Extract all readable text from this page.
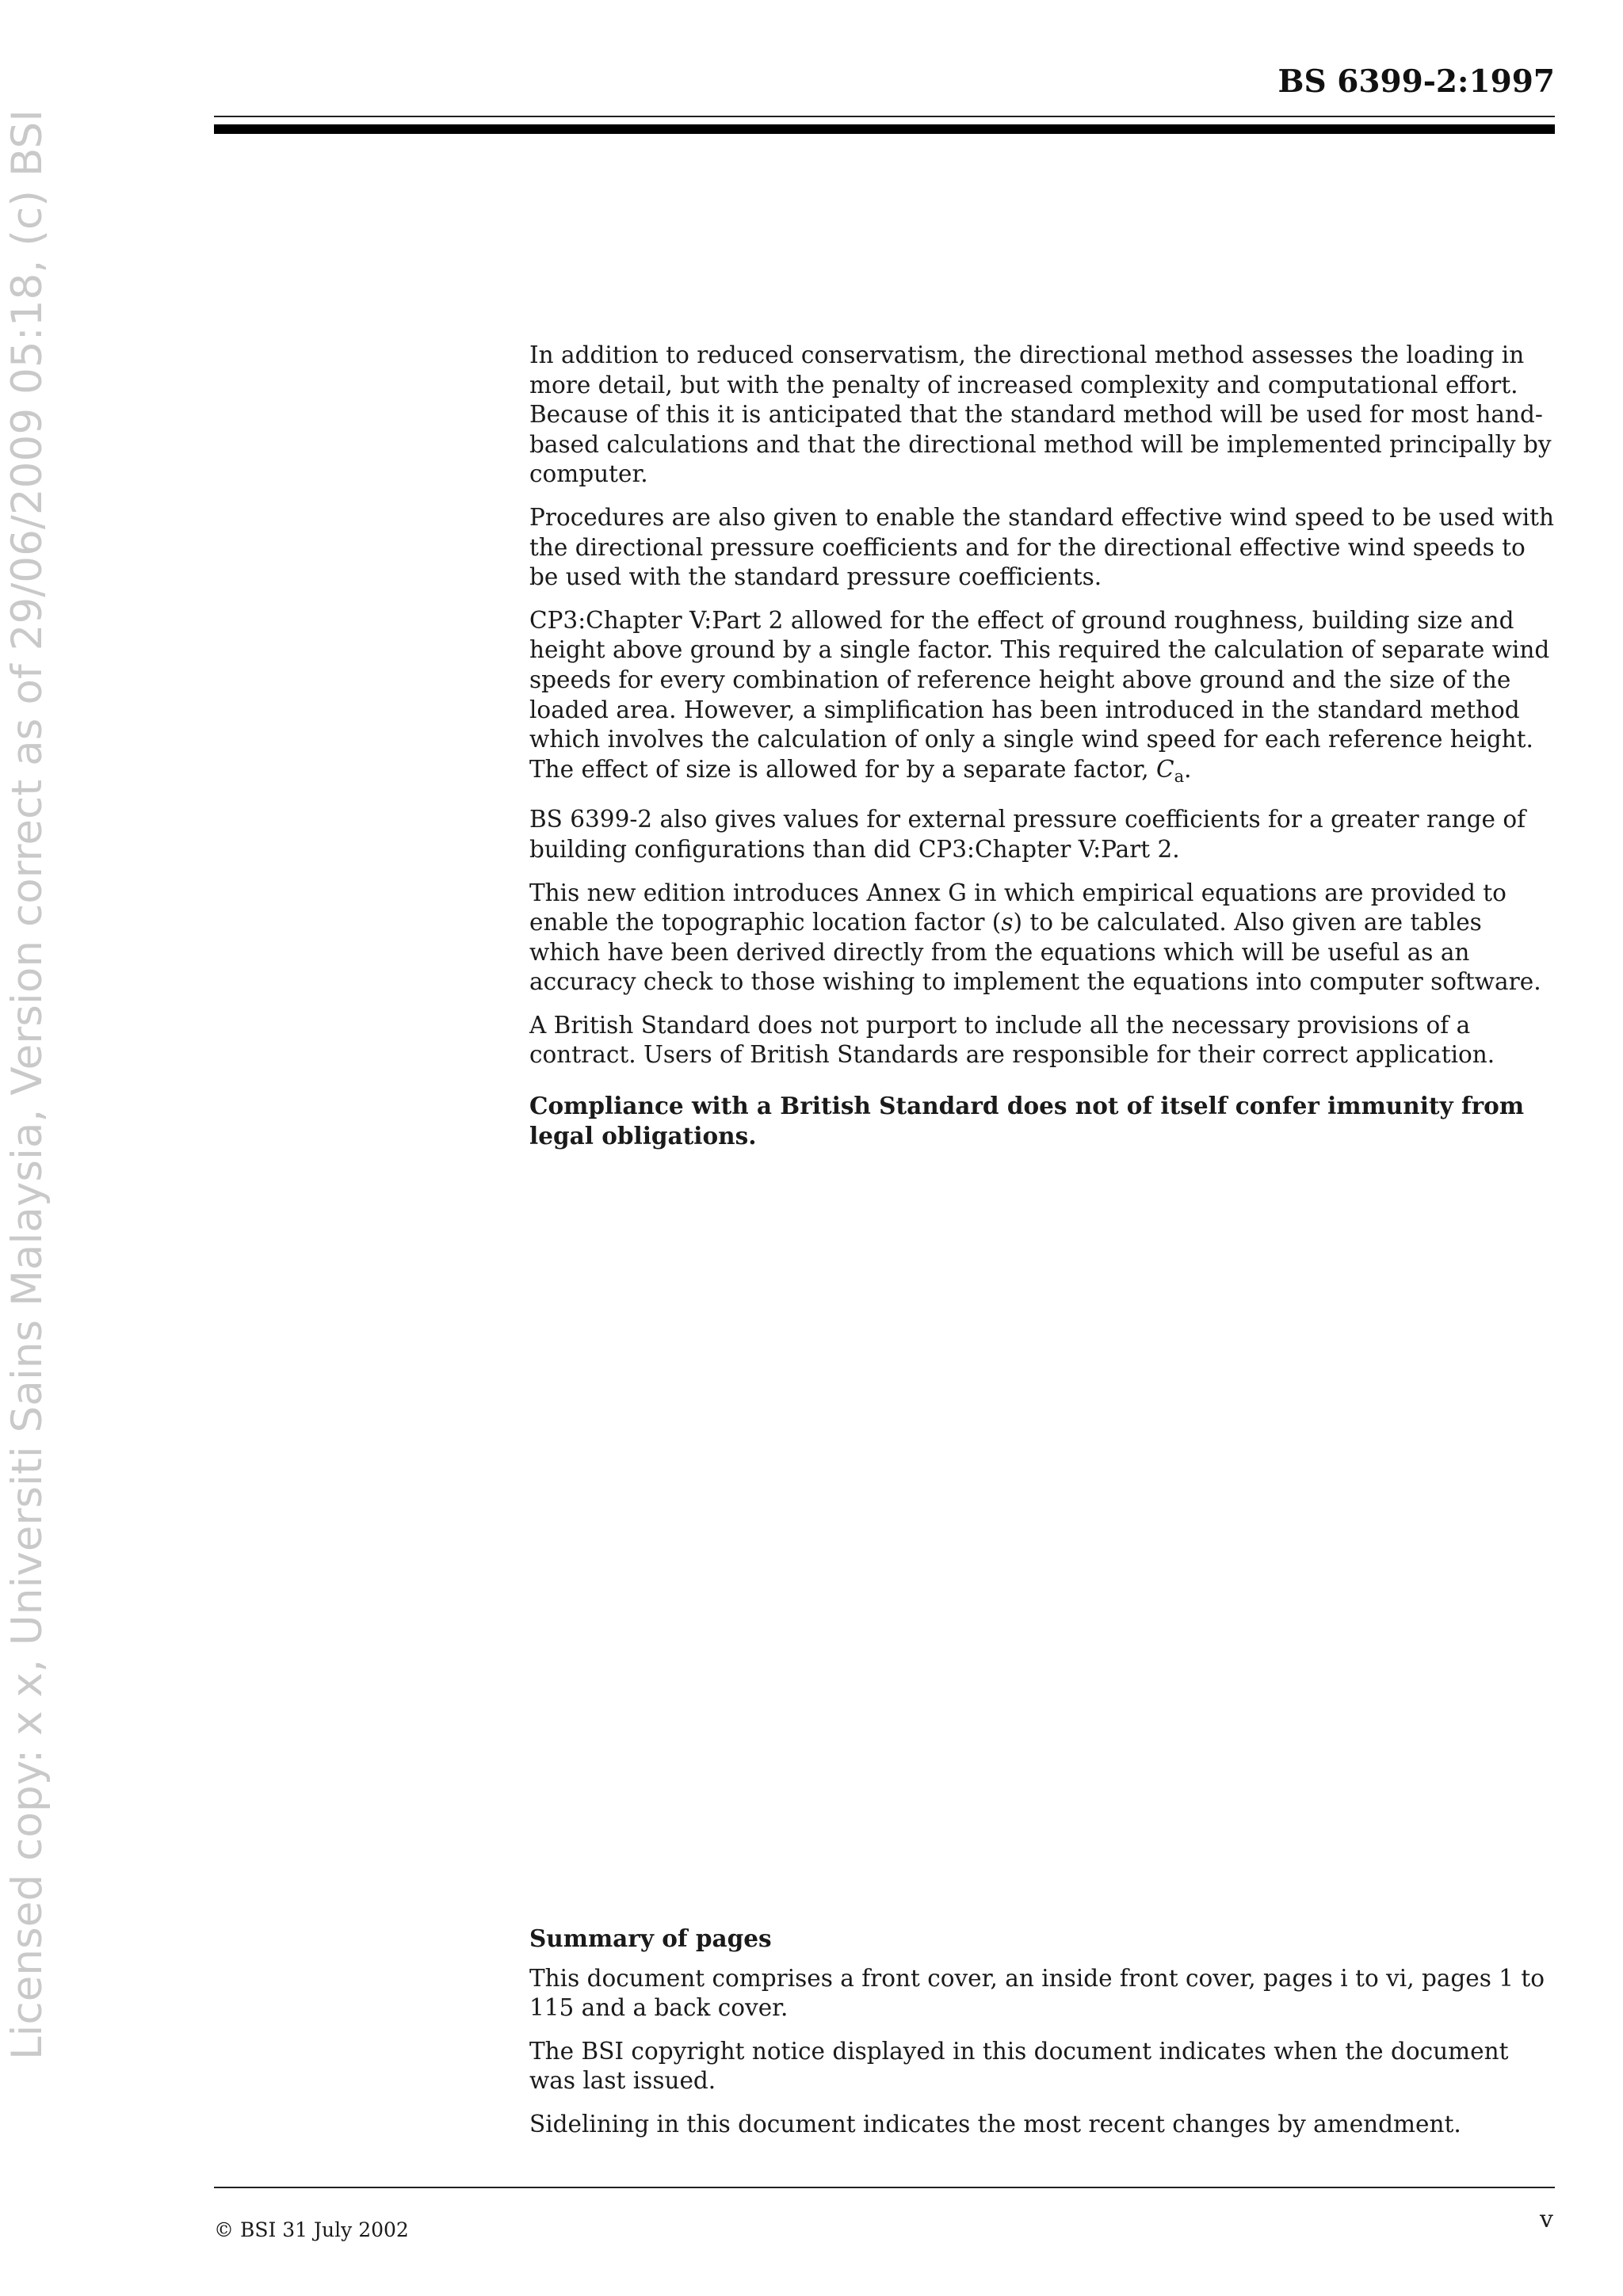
BS 6399-2:1997
Licensed copy: x x, Universiti Sains Malaysia, Version correct as of 29/06/2009 05:18, (c) BSI	In addition to reduced conservatism, the directional method assesses the loading in more detail, but with the penalty of increased complexity and computational effort. Because of this it is anticipated that the standard method will be used for most hand-based calculations and that the directional method will be implemented principally by computer.

Procedures are also given to enable the standard effective wind speed to be used with the directional pressure coefficients and for the directional effective wind speeds to be used with the standard pressure coefficients.

CP3:Chapter V:Part 2 allowed for the effect of ground roughness, building size and height above ground by a single factor. This required the calculation of separate wind speeds for every combination of reference height above ground and the size of the loaded area. However, a simplification has been introduced in the standard method which involves the calculation of only a single wind speed for each reference height. The effect of size is allowed for by a separate factor, $C_a$.

BS 6399-2 also gives values for external pressure coefficients for a greater range of building configurations than did CP3:Chapter V:Part 2.

This new edition introduces Annex G in which empirical equations are provided to enable the topographic location factor (s) to be calculated. Also given are tables which have been derived directly from the equations which will be useful as an accuracy check to those wishing to implement the equations into computer software.

A British Standard does not purport to include all the necessary provisions of a contract. Users of British Standards are responsible for their correct application.

Compliance with a British Standard does not of itself confer immunity from legal obligations.

Summary of pages

This document comprises a front cover, an inside front cover, pages i to vi, pages 1 to 115 and a back cover.

The BSI copyright notice displayed in this document indicates when the document was last issued.

Sidelining in this document indicates the most recent changes by amendment.

© BSI 31 July 2002	v
